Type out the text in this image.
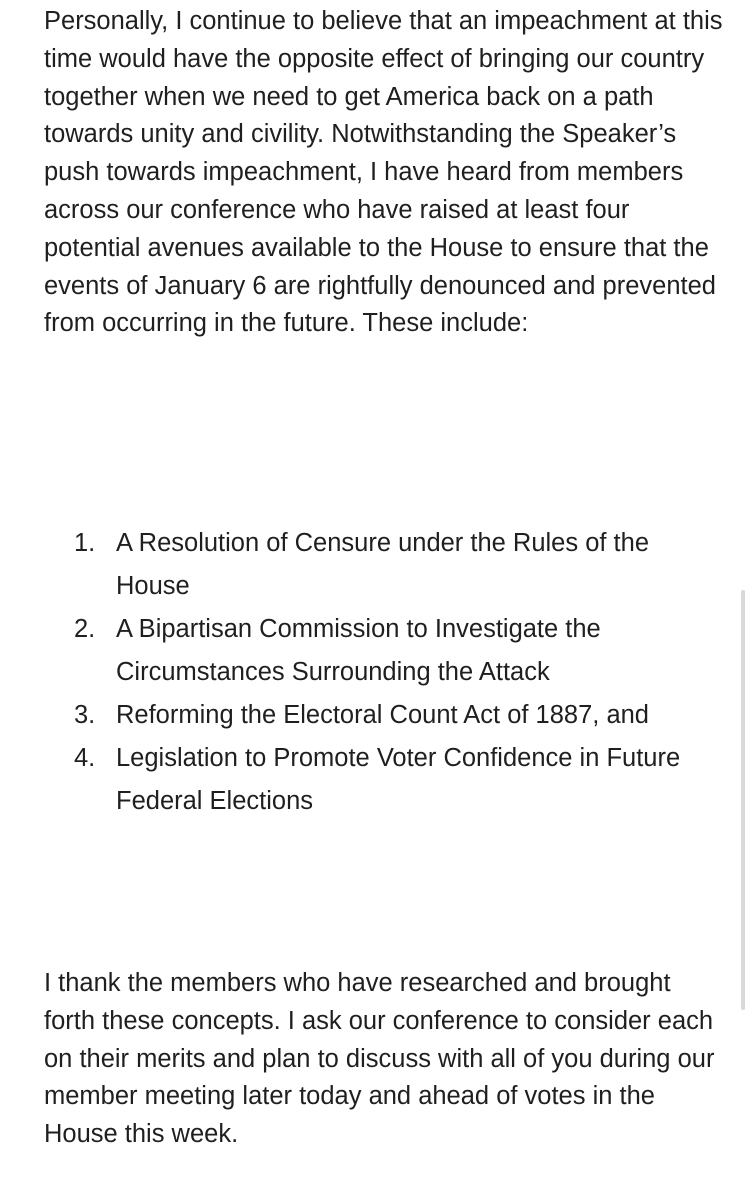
Personally, I continue to believe that an impeachment at this time would have the opposite effect of bringing our country together when we need to get America back on a path towards unity and civility. Notwithstanding the Speaker’s push towards impeachment, I have heard from members across our conference who have raised at least four potential avenues available to the House to ensure that the events of January 6 are rightfully denounced and prevented from occurring in the future. These include:

1. A Resolution of Censure under the Rules of the House
2. A Bipartisan Commission to Investigate the Circumstances Surrounding the Attack
3. Reforming the Electoral Count Act of 1887, and
4. Legislation to Promote Voter Confidence in Future Federal Elections

I thank the members who have researched and brought forth these concepts. I ask our conference to consider each on their merits and plan to discuss with all of you during our member meeting later today and ahead of votes in the House this week.
